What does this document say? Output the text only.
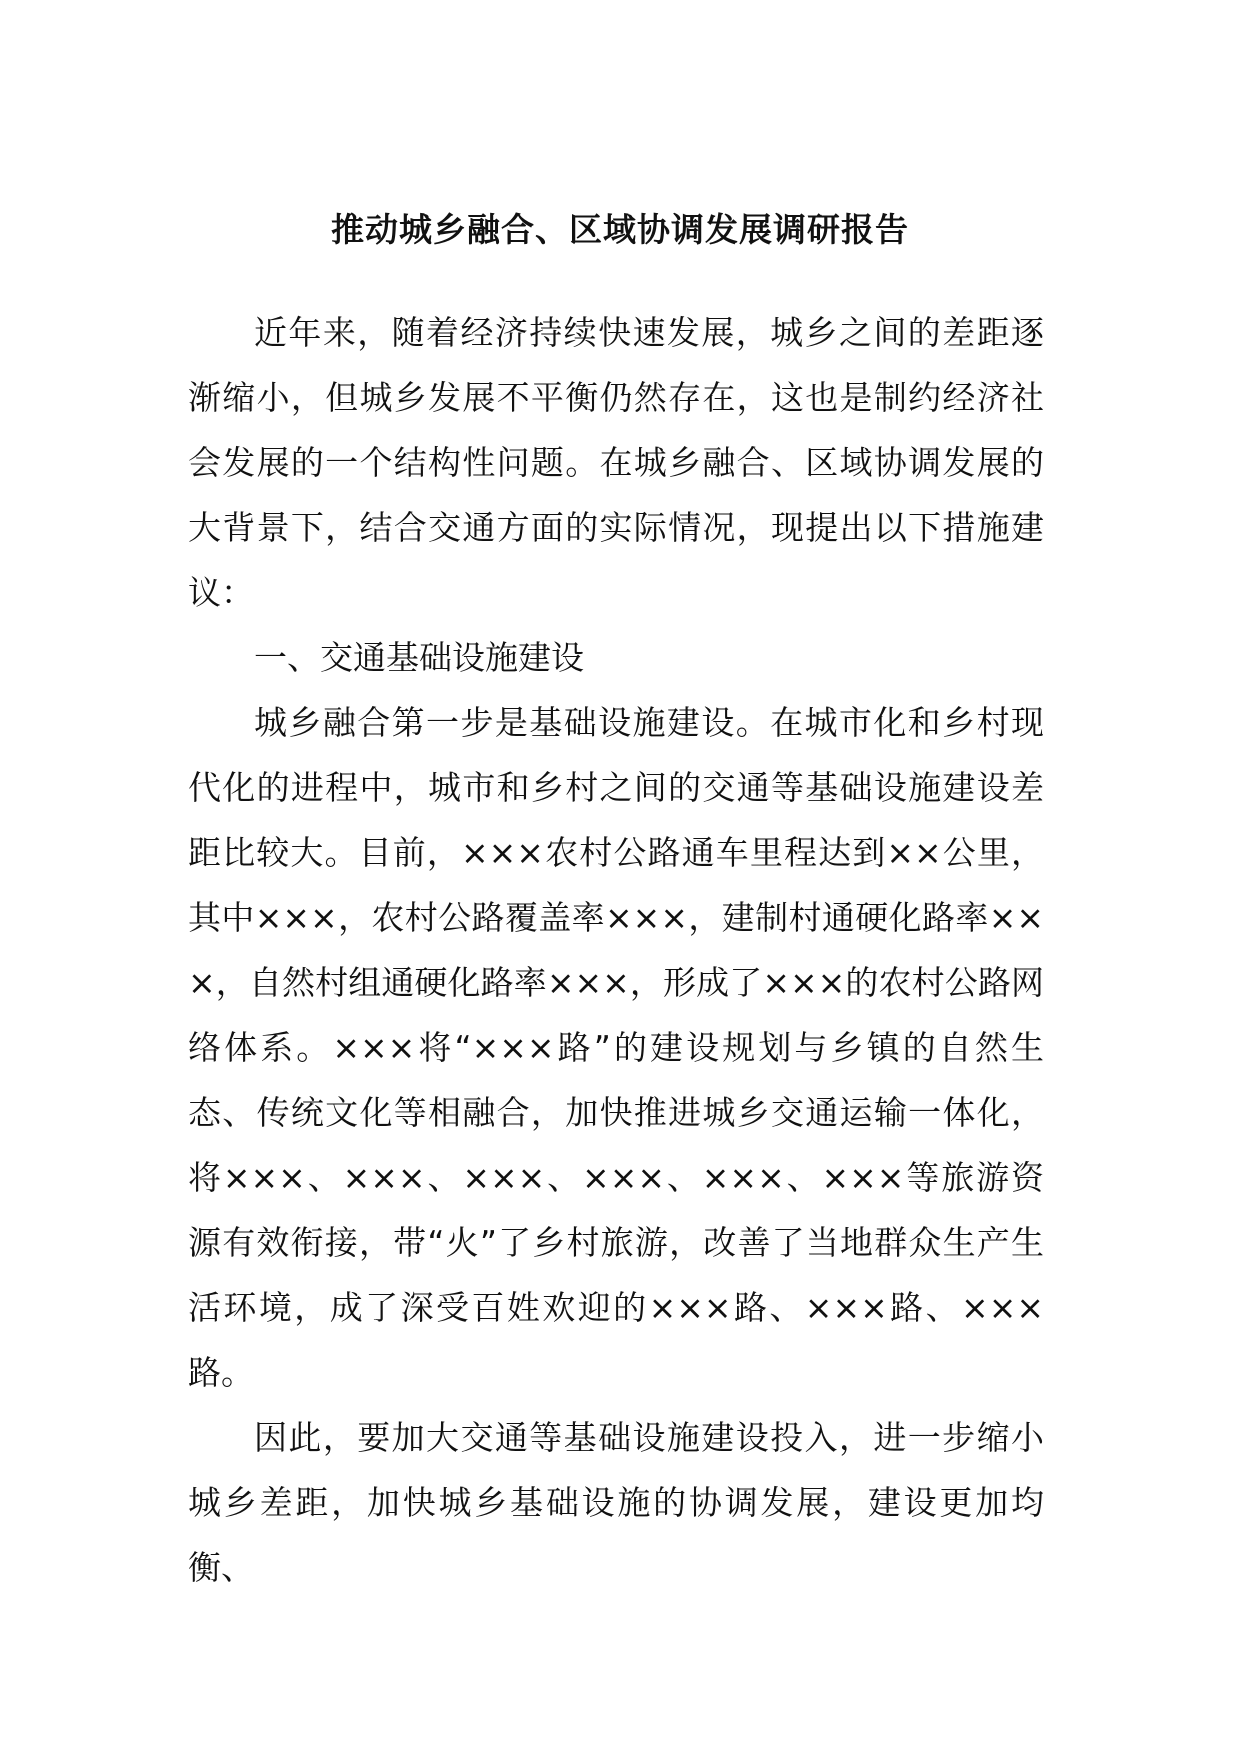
推动城乡融合、区域协调发展调研报告

近年来，随着经济持续快速发展，城乡之间的差距逐渐缩小，但城乡发展不平衡仍然存在，这也是制约经济社会发展的一个结构性问题。在城乡融合、区域协调发展的大背景下，结合交通方面的实际情况，现提出以下措施建议：

一、交通基础设施建设

城乡融合第一步是基础设施建设。在城市化和乡村现代化的进程中，城市和乡村之间的交通等基础设施建设差距比较大。目前，×××农村公路通车里程达到××公里，其中×××，农村公路覆盖率×××，建制村通硬化路率×××，自然村组通硬化路率×××，形成了×××的农村公路网络体系。×××将“×××路”的建设规划与乡镇的自然生态、传统文化等相融合，加快推进城乡交通运输一体化，将×××、×××、×××、×××、×××、×××等旅游资源有效衔接，带“火”了乡村旅游，改善了当地群众生产生活环境，成了深受百姓欢迎的×××路、×××路、×××路。

因此，要加大交通等基础设施建设投入，进一步缩小城乡差距，加快城乡基础设施的协调发展，建设更加均衡、
